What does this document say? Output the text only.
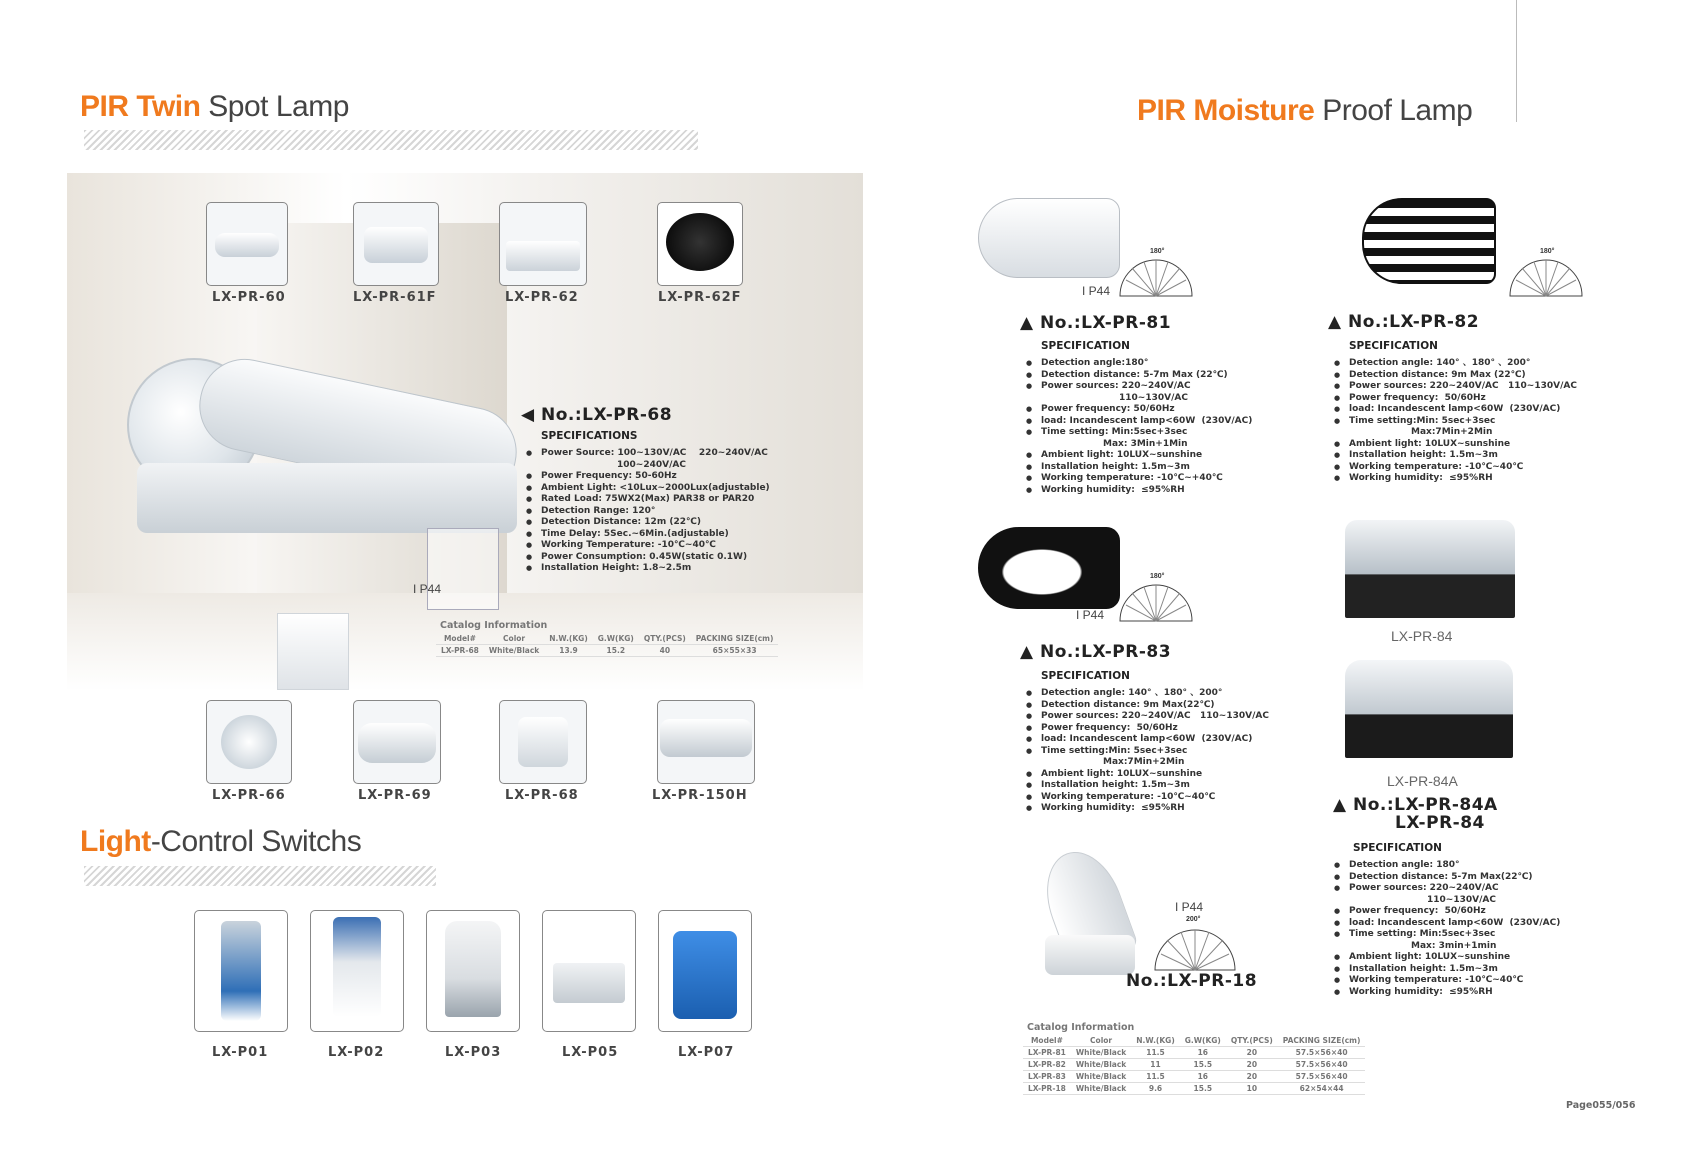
PIR Twin Spot Lamp
LX-PR-60	LX-PR-61F	LX-PR-62	LX-PR-62F
◀ No.:LX-PR-68
SPECIFICATIONS
● Power Source: 100~130V/AC    220~240V/AC
100~240V/AC
● Power Frequency: 50-60Hz
● Ambient Light: <10Lux~2000Lux(adjustable)
● Rated Load: 75WX2(Max) PAR38 or PAR20
● Detection Range: 120°
● Detection Distance: 12m (22℃)
● Time Delay: 5Sec.~6Min.(adjustable)
● Working Temperature: -10℃~40℃
● Power Consumption: 0.45W(static 0.1W)
● Installation Height: 1.8~2.5m
I P44
Catalog Information
Model#	Color	N.W.(KG)	G.W(KG)	QTY.(PCS)	PACKING SIZE(cm)
LX-PR-68	White/Black	13.9	15.2	40	65×55×33
LX-PR-66	LX-PR-69	LX-PR-68	LX-PR-150H
Light-Control Switchs
LX-P01	LX-P02	LX-P03	LX-P05	LX-P07
PIR Moisture Proof Lamp
180°
I P44
▲ No.:LX-PR-81
SPECIFICATION
● Detection angle:180°
● Detection distance: 5-7m Max (22℃)
● Power sources: 220~240V/AC
110~130V/AC
● Power frequency: 50/60Hz
● load: Incandescent lamp<60W  (230V/AC)
● Time setting: Min:5sec+3sec
Max: 3Min+1Min
● Ambient light: 10LUX~sunshine
● Installation height: 1.5m~3m
● Working temperature: -10℃~+40℃
● Working humidity:  ≤95%RH
180°
▲ No.:LX-PR-82
SPECIFICATION
● Detection angle: 140° 、180° 、200°
● Detection distance: 9m Max (22℃)
● Power sources: 220~240V/AC   110~130V/AC
● Power frequency:  50/60Hz
● load: Incandescent lamp<60W  (230V/AC)
● Time setting:Min: 5sec+3sec
Max:7Min+2Min
● Ambient light: 10LUX~sunshine
● Installation height: 1.5m~3m
● Working temperature: -10℃~40℃
● Working humidity:  ≤95%RH
180°
I P44
▲ No.:LX-PR-83
SPECIFICATION
● Detection angle: 140° 、180° 、200°
● Detection distance: 9m Max(22℃)
● Power sources: 220~240V/AC   110~130V/AC
● Power frequency:  50/60Hz
● load: Incandescent lamp<60W  (230V/AC)
● Time setting:Min: 5sec+3sec
Max:7Min+2Min
● Ambient light: 10LUX~sunshine
● Installation height: 1.5m~3m
● Working temperature: -10℃~40℃
● Working humidity:  ≤95%RH
LX-PR-84
LX-PR-84A
▲ No.:LX-PR-84A
LX-PR-84
SPECIFICATION
● Detection angle: 180°
● Detection distance: 5-7m Max(22℃)
● Power sources: 220~240V/AC
110~130V/AC
● Power frequency:  50/60Hz
● load: Incandescent lamp<60W  (230V/AC)
● Time setting: Min:5sec+3sec
Max: 3min+1min
● Ambient light: 10LUX~sunshine
● Installation height: 1.5m~3m
● Working temperature: -10℃~40℃
● Working humidity:  ≤95%RH
I P44
200°
No.:LX-PR-18
Catalog Information
Model#	Color	N.W.(KG)	G.W(KG)	QTY.(PCS)	PACKING SIZE(cm)
LX-PR-81	White/Black	11.5	16	20	57.5×56×40
LX-PR-82	White/Black	11	15.5	20	57.5×56×40
LX-PR-83	White/Black	11.5	16	20	57.5×56×40
LX-PR-18	White/Black	9.6	15.5	10	62×54×44
Page055/056
